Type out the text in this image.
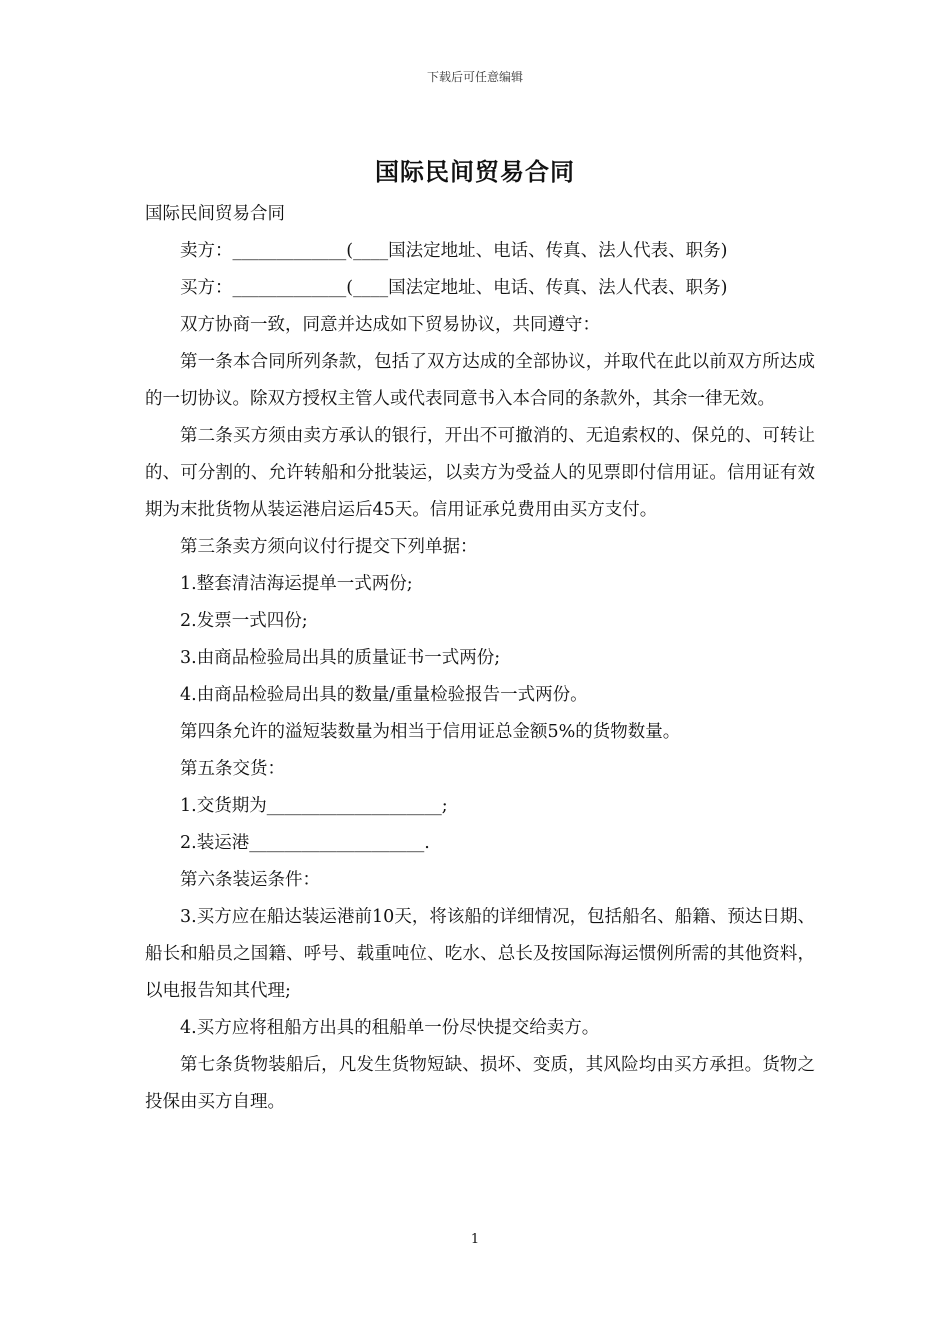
下载后可任意编辑
国际民间贸易合同

国际民间贸易合同

卖方：_____________(____国法定地址、电话、传真、法人代表、职务)

买方：_____________(____国法定地址、电话、传真、法人代表、职务)

双方协商一致，同意并达成如下贸易协议，共同遵守：

第一条本合同所列条款，包括了双方达成的全部协议，并取代在此以前双方所达成的一切协议。除双方授权主管人或代表同意书入本合同的条款外，其余一律无效。

第二条买方须由卖方承认的银行，开出不可撤消的、无追索权的、保兑的、可转让的、可分割的、允许转船和分批装运，以卖方为受益人的见票即付信用证。信用证有效期为末批货物从装运港启运后45天。信用证承兑费用由买方支付。

第三条卖方须向议付行提交下列单据：

1.整套清洁海运提单一式两份;

2.发票一式四份;

3.由商品检验局出具的质量证书一式两份;

4.由商品检验局出具的数量/重量检验报告一式两份。

第四条允许的溢短装数量为相当于信用证总金额5%的货物数量。

第五条交货：

1.交货期为____________________;

2.装运港____________________.

第六条装运条件：

3.买方应在船达装运港前10天，将该船的详细情况，包括船名、船籍、预达日期、船长和船员之国籍、呼号、载重吨位、吃水、总长及按国际海运惯例所需的其他资料，以电报告知其代理;

4.买方应将租船方出具的租船单一份尽快提交给卖方。

第七条货物装船后，凡发生货物短缺、损坏、变质，其风险均由买方承担。货物之投保由买方自理。

1
